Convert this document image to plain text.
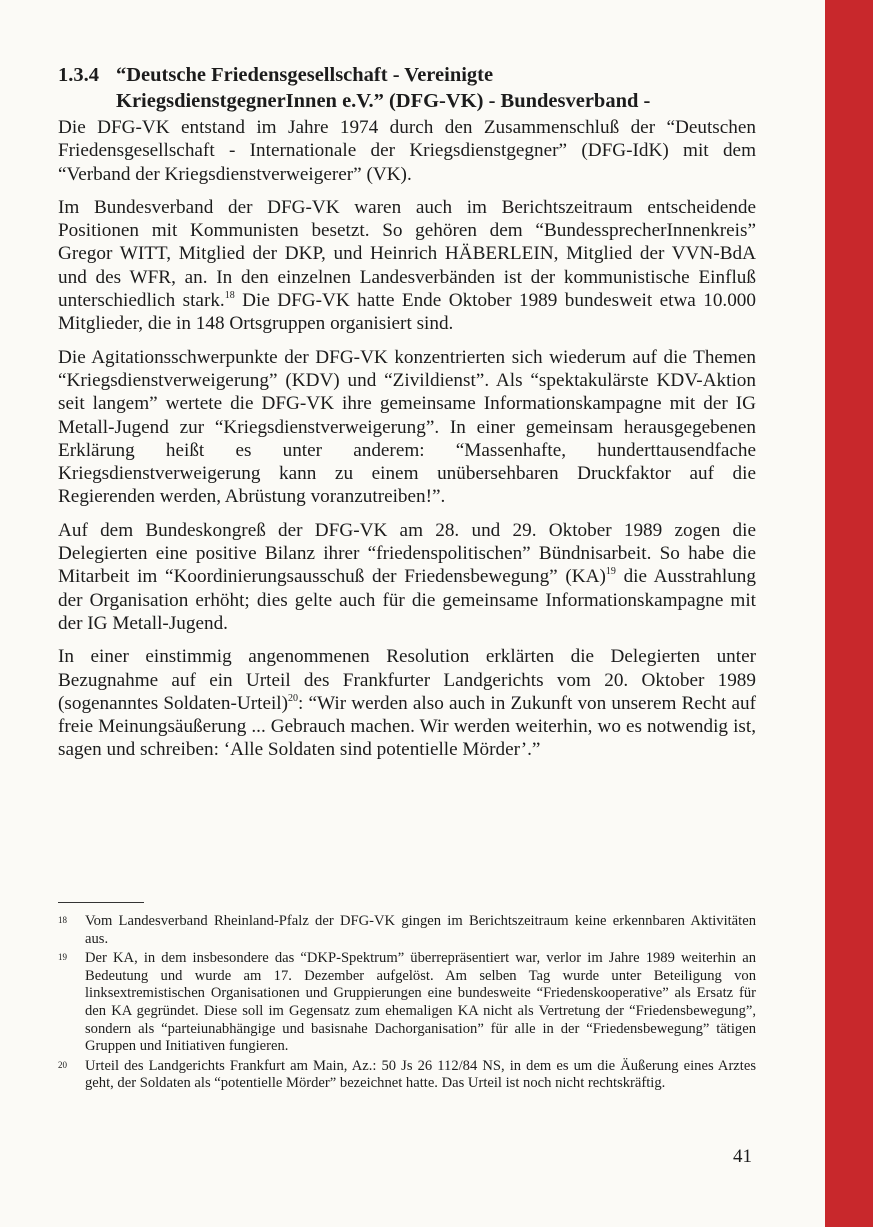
1.3.4 “Deutsche Friedensgesellschaft - Vereinigte
KriegsdienstgegnerInnen e.V.” (DFG-VK) - Bundesverband -

Die DFG-VK entstand im Jahre 1974 durch den Zusammenschluß der “Deutschen Friedensgesellschaft - Internationale der Kriegsdienstgegner” (DFG-IdK) mit dem “Verband der Kriegsdienstverweigerer” (VK).

Im Bundesverband der DFG-VK waren auch im Berichtszeitraum entscheidende Positionen mit Kommunisten besetzt. So gehören dem “BundessprecherInnenkreis” Gregor WITT, Mitglied der DKP, und Heinrich HÄBERLEIN, Mitglied der VVN-BdA und des WFR, an. In den einzelnen Landesverbänden ist der kommunistische Einfluß unterschiedlich stark.$^{18}$ Die DFG-VK hatte Ende Oktober 1989 bundesweit etwa 10.000 Mitglieder, die in 148 Ortsgruppen organisiert sind.

Die Agitationsschwerpunkte der DFG-VK konzentrierten sich wiederum auf die Themen “Kriegsdienstverweigerung” (KDV) und “Zivildienst”. Als “spektakulärste KDV-Aktion seit langem” wertete die DFG-VK ihre gemeinsame Informationskampagne mit der IG Metall-Jugend zur “Kriegsdienstverweigerung”. In einer gemeinsam herausgegebenen Erklärung heißt es unter anderem: “Massenhafte, hunderttausendfache Kriegsdienstverweigerung kann zu einem unübersehbaren Druckfaktor auf die Regierenden werden, Abrüstung voranzutreiben!”.

Auf dem Bundeskongreß der DFG-VK am 28. und 29. Oktober 1989 zogen die Delegierten eine positive Bilanz ihrer “friedenspolitischen” Bündnisarbeit. So habe die Mitarbeit im “Koordinierungsausschuß der Friedensbewegung” (KA)$^{19}$ die Ausstrahlung der Organisation erhöht; dies gelte auch für die gemeinsame Informationskampagne mit der IG Metall-Jugend.

In einer einstimmig angenommenen Resolution erklärten die Delegierten unter Bezugnahme auf ein Urteil des Frankfurter Landgerichts vom 20. Oktober 1989 (sogenanntes Soldaten-Urteil)$^{20}$: “Wir werden also auch in Zukunft von unserem Recht auf freie Meinungsäußerung ... Gebrauch machen. Wir werden weiterhin, wo es notwendig ist, sagen und schreiben: ‘Alle Soldaten sind potentielle Mörder’.”

18	Vom Landesverband Rheinland-Pfalz der DFG-VK gingen im Berichtszeitraum keine erkennbaren Aktivitäten aus.
19	Der KA, in dem insbesondere das “DKP-Spektrum” überrepräsentiert war, verlor im Jahre 1989 weiterhin an Bedeutung und wurde am 17. Dezember aufgelöst. Am selben Tag wurde unter Beteiligung von linksextremistischen Organisationen und Gruppierungen eine bundesweite “Friedenskooperative” als Ersatz für den KA gegründet. Diese soll im Gegensatz zum ehemaligen KA nicht als Vertretung der “Friedensbewegung”, sondern als “parteiunabhängige und basisnahe Dachorganisation” für alle in der “Friedensbewegung” tätigen Gruppen und Initiativen fungieren.
20	Urteil des Landgerichts Frankfurt am Main, Az.: 50 Js 26 112/84 NS, in dem es um die Äußerung eines Arztes geht, der Soldaten als “potentielle Mörder” bezeichnet hatte. Das Urteil ist noch nicht rechtskräftig.
41
